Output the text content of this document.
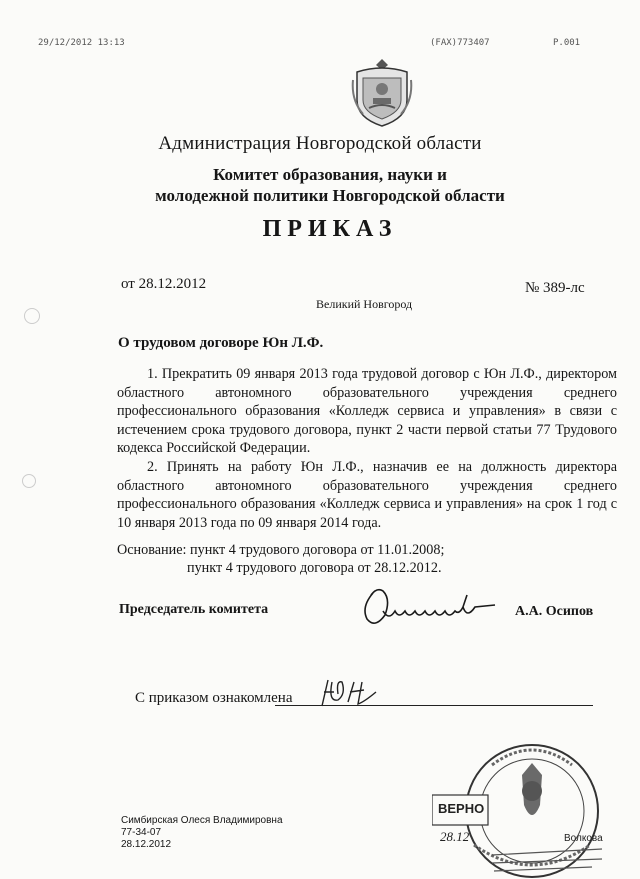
29/12/2012 13:13	(FAX)773407	P.001
Администрация Новгородской области
Комитет образования, науки и
молодежной политики Новгородской области
ПРИКАЗ
от 28.12.2012
Великий Новгород
№ 389-лс
О трудовом договоре Юн Л.Ф.

1. Прекратить 09 января 2013 года трудовой договор с Юн Л.Ф., директором областного автономного образовательного учреждения среднего профессионального образования «Колледж сервиса и управления» в связи с истечением срока трудового договора, пункт 2 части первой статьи 77 Трудового кодекса Российской Федерации.

2. Принять на работу Юн Л.Ф., назначив ее на должность директора областного автономного образовательного учреждения среднего профессионального образования «Колледж сервиса и управления» на срок 1 год с 10 января 2013 года по 09 января 2014 года.

Основание: пункт 4 трудового договора от 11.01.2008;
пункт 4 трудового договора от 28.12.2012.
Председатель комитета	А.А. Осипов
С приказом ознакомлена
Симбирская Олеся Владимировна
77-34-07
28.12.2012
ВЕРНО
28.12	Волкова
